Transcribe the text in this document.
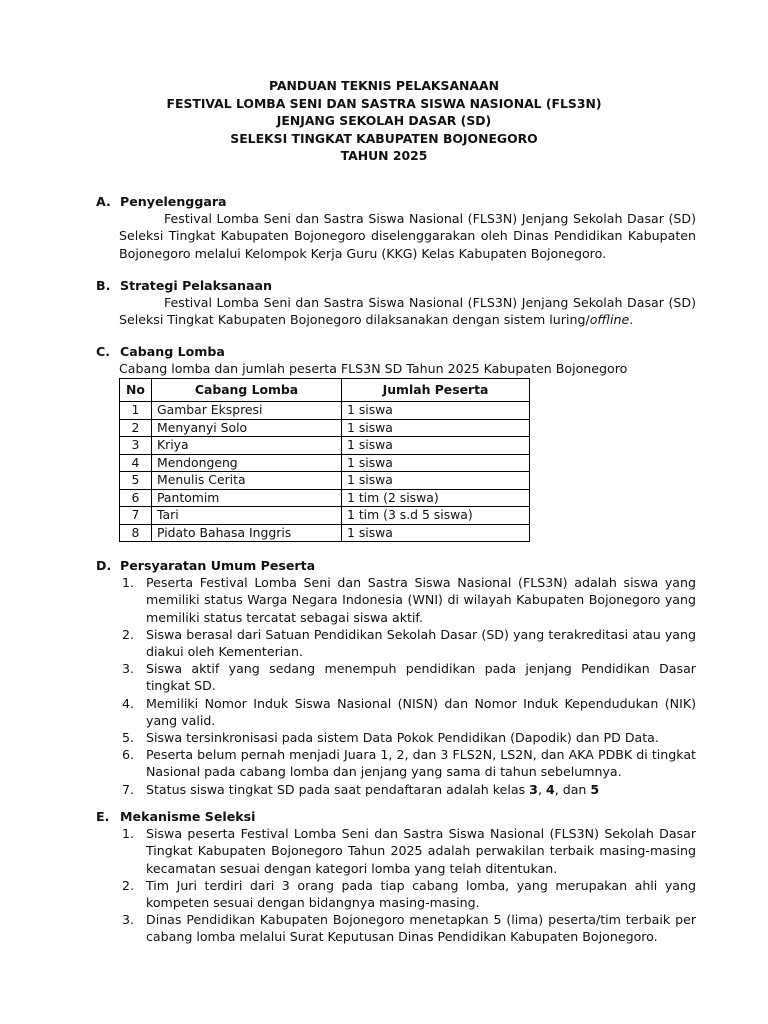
PANDUAN TEKNIS PELAKSANAAN
FESTIVAL LOMBA SENI DAN SASTRA SISWA NASIONAL (FLS3N)
JENJANG SEKOLAH DASAR (SD)
SELEKSI TINGKAT KABUPATEN BOJONEGORO
TAHUN 2025
A. Penyelenggara
Festival Lomba Seni dan Sastra Siswa Nasional (FLS3N) Jenjang Sekolah Dasar (SD) Seleksi Tingkat Kabupaten Bojonegoro diselenggarakan oleh Dinas Pendidikan Kabupaten Bojonegoro melalui Kelompok Kerja Guru (KKG) Kelas Kabupaten Bojonegoro.
B. Strategi Pelaksanaan
Festival Lomba Seni dan Sastra Siswa Nasional (FLS3N) Jenjang Sekolah Dasar (SD) Seleksi Tingkat Kabupaten Bojonegoro dilaksanakan dengan sistem luring/offline.
C. Cabang Lomba
Cabang lomba dan jumlah peserta FLS3N SD Tahun 2025 Kabupaten Bojonegoro
No	Cabang Lomba	Jumlah Peserta
1	Gambar Ekspresi	1 siswa
2	Menyanyi Solo	1 siswa
3	Kriya	1 siswa
4	Mendongeng	1 siswa
5	Menulis Cerita	1 siswa
6	Pantomim	1 tim (2 siswa)
7	Tari	1 tim (3 s.d 5 siswa)
8	Pidato Bahasa Inggris	1 siswa
D. Persyaratan Umum Peserta
1. Peserta Festival Lomba Seni dan Sastra Siswa Nasional (FLS3N) adalah siswa yang memiliki status Warga Negara Indonesia (WNI) di wilayah Kabupaten Bojonegoro yang memiliki status tercatat sebagai siswa aktif.
2. Siswa berasal dari Satuan Pendidikan Sekolah Dasar (SD) yang terakreditasi atau yang diakui oleh Kementerian.
3. Siswa aktif yang sedang menempuh pendidikan pada jenjang Pendidikan Dasar tingkat SD.
4. Memiliki Nomor Induk Siswa Nasional (NISN) dan Nomor Induk Kependudukan (NIK) yang valid.
5. Siswa tersinkronisasi pada sistem Data Pokok Pendidikan (Dapodik) dan PD Data.
6. Peserta belum pernah menjadi Juara 1, 2, dan 3 FLS2N, LS2N, dan AKA PDBK di tingkat Nasional pada cabang lomba dan jenjang yang sama di tahun sebelumnya.
7. Status siswa tingkat SD pada saat pendaftaran adalah kelas 3, 4, dan 5
E. Mekanisme Seleksi
1. Siswa peserta Festival Lomba Seni dan Sastra Siswa Nasional (FLS3N) Sekolah Dasar Tingkat Kabupaten Bojonegoro Tahun 2025 adalah perwakilan terbaik masing-masing kecamatan sesuai dengan kategori lomba yang telah ditentukan.
2. Tim Juri terdiri dari 3 orang pada tiap cabang lomba, yang merupakan ahli yang kompeten sesuai dengan bidangnya masing-masing.
3. Dinas Pendidikan Kabupaten Bojonegoro menetapkan 5 (lima) peserta/tim terbaik per cabang lomba melalui Surat Keputusan Dinas Pendidikan Kabupaten Bojonegoro.
